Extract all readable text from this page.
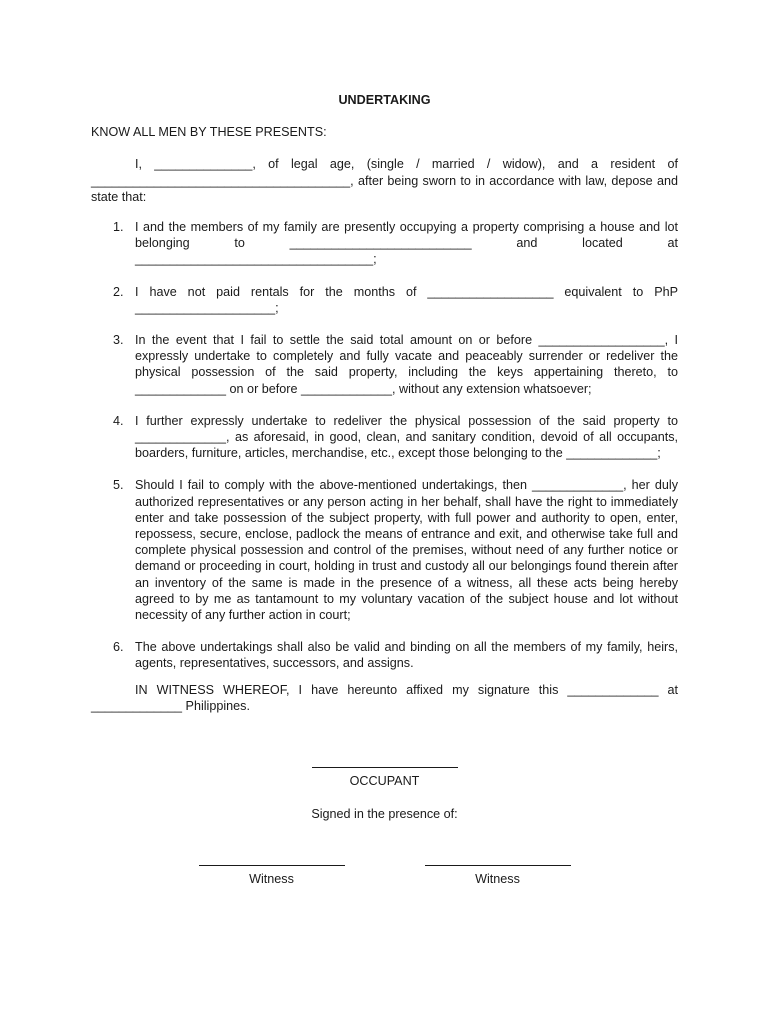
UNDERTAKING
KNOW ALL MEN BY THESE PRESENTS:

I, ______________, of legal age, (single / married / widow), and a resident of _____________________________________, after being sworn to in accordance with law, depose and state that:

1. I and the members of my family are presently occupying a property comprising a house and lot belonging to __________________________ and located at __________________________________;
2. I have not paid rentals for the months of __________________ equivalent to PhP ____________________;
3. In the event that I fail to settle the said total amount on or before __________________, I expressly undertake to completely and fully vacate and peaceably surrender or redeliver the physical possession of the said property, including the keys appertaining thereto, to _____________ on or before _____________, without any extension whatsoever;
4. I further expressly undertake to redeliver the physical possession of the said property to _____________, as aforesaid, in good, clean, and sanitary condition, devoid of all occupants, boarders, furniture, articles, merchandise, etc., except those belonging to the _____________;
5. Should I fail to comply with the above-mentioned undertakings, then _____________, her duly authorized representatives or any person acting in her behalf, shall have the right to immediately enter and take possession of the subject property, with full power and authority to open, enter, repossess, secure, enclose, padlock the means of entrance and exit, and otherwise take full and complete physical possession and control of the premises, without need of any further notice or demand or proceeding in court, holding in trust and custody all our belongings found therein after an inventory of the same is made in the presence of a witness, all these acts being hereby agreed to by me as tantamount to my voluntary vacation of the subject house and lot without necessity of any further action in court;
6. The above undertakings shall also be valid and binding on all the members of my family, heirs, agents, representatives, successors, and assigns.

IN WITNESS WHEREOF, I have hereunto affixed my signature this _____________ at _____________ Philippines.

OCCUPANT
Signed in the presence of:
Witness	Witness
